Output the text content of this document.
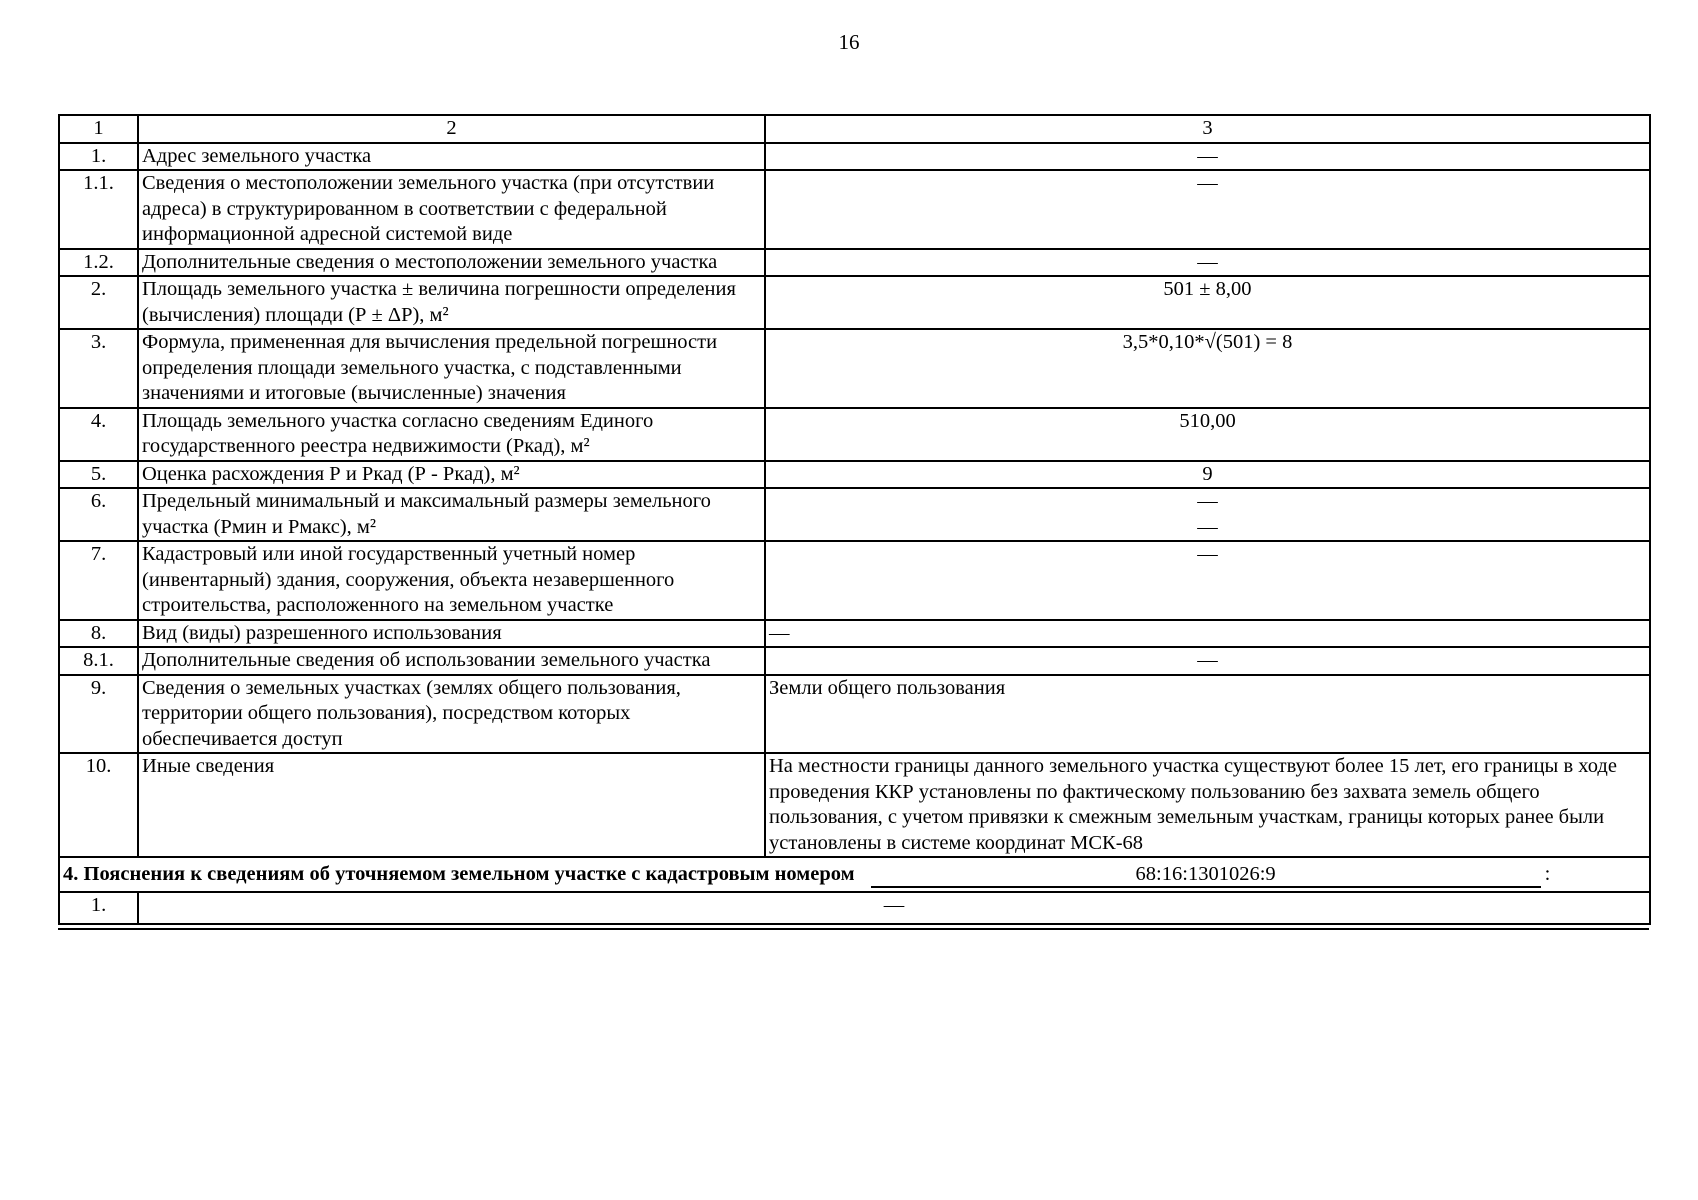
16
1	2	3
1.	Адрес земельного участка	—
1.1.	Сведения о местоположении земельного участка (при отсутствии адреса) в структурированном в соответствии с федеральной информационной адресной системой виде	—
1.2.	Дополнительные сведения о местоположении земельного участка	—
2.	Площадь земельного участка ± величина погрешности определения (вычисления) площади (Р ± ΔР), м²	501 ± 8,00
3.	Формула, примененная для вычисления предельной погрешности определения площади земельного участка, с подставленными значениями и итоговые (вычисленные) значения	3,5*0,10*√(501) = 8
4.	Площадь земельного участка согласно сведениям Единого государственного реестра недвижимости (Ркад), м²	510,00
5.	Оценка расхождения Р и Ркад (Р - Ркад), м²	9
6.	Предельный минимальный и максимальный размеры земельного участка (Рмин и Рмакс), м²	—
—

7.	Кадастровый или иной государственный учетный номер (инвентарный) здания, сооружения, объекта незавершенного строительства, расположенного на земельном участке	—
8.	Вид (виды) разрешенного использования	—
8.1.	Дополнительные сведения об использовании земельного участка	—
9.	Сведения о земельных участках (землях общего пользования, территории общего пользования), посредством которых обеспечивается доступ	Земли общего пользования
10.	Иные сведения	На местности границы данного земельного участка существуют более 15 лет, его границы в ходе проведения ККР установлены по фактическому пользованию без захвата земель общего пользования, с учетом привязки к смежным земельным участкам, границы которых ранее были установлены в системе координат МСК-68

4. Пояснения к сведениям об уточняемом земельном участке с кадастровым номером 68:16:1301026:9 :		

1.	—	
